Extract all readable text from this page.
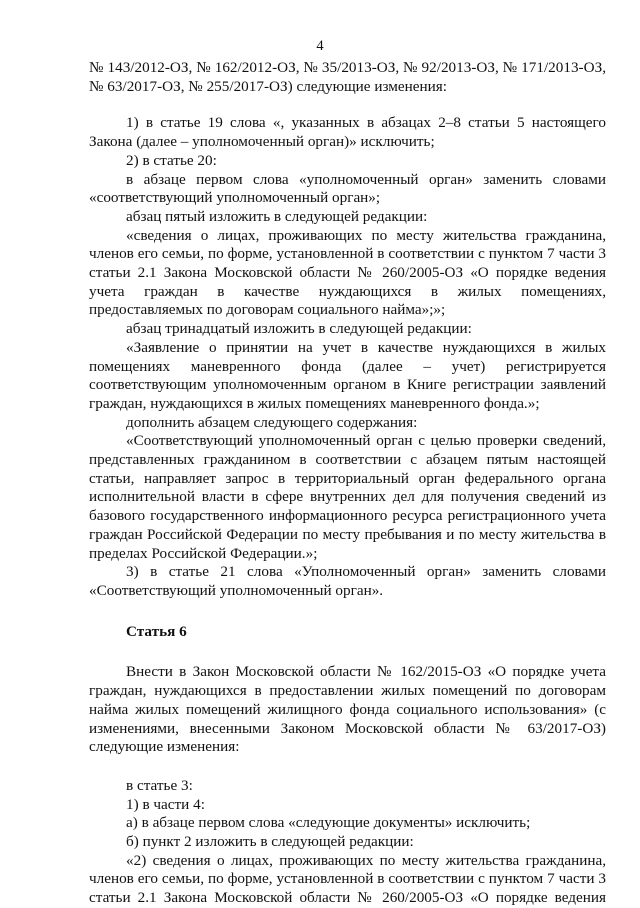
4

№ 143/2012-ОЗ, № 162/2012-ОЗ, № 35/2013-ОЗ, № 92/2013-ОЗ, № 171/2013-ОЗ, № 63/2017-ОЗ, № 255/2017-ОЗ) следующие изменения:

1) в статье 19 слова «, указанных в абзацах 2–8 статьи 5 настоящего Закона (далее – уполномоченный орган)» исключить;

2) в статье 20:

в абзаце первом слова «уполномоченный орган» заменить словами «соответствующий уполномоченный орган»;

абзац пятый изложить в следующей редакции:

«сведения о лицах, проживающих по месту жительства гражданина, членов его семьи, по форме, установленной в соответствии с пунктом 7 части 3 статьи 2.1 Закона Московской области № 260/2005-ОЗ «О порядке ведения учета граждан в качестве нуждающихся в жилых помещениях, предоставляемых по договорам социального найма»;»;

абзац тринадцатый изложить в следующей редакции:

«Заявление о принятии на учет в качестве нуждающихся в жилых помещениях маневренного фонда (далее – учет) регистрируется соответствующим уполномоченным органом в Книге регистрации заявлений граждан, нуждающихся в жилых помещениях маневренного фонда.»;

дополнить абзацем следующего содержания:

«Соответствующий уполномоченный орган с целью проверки сведений, представленных гражданином в соответствии с абзацем пятым настоящей статьи, направляет запрос в территориальный орган федерального органа исполнительной власти в сфере внутренних дел для получения сведений из базового государственного информационного ресурса регистрационного учета граждан Российской Федерации по месту пребывания и по месту жительства в пределах Российской Федерации.»;

3) в статье 21 слова «Уполномоченный орган» заменить словами «Соответствующий уполномоченный орган».

Статья 6

Внести в Закон Московской области № 162/2015-ОЗ «О порядке учета граждан, нуждающихся в предоставлении жилых помещений по договорам найма жилых помещений жилищного фонда социального использования» (с изменениями, внесенными Законом Московской области № 63/2017-ОЗ) следующие изменения:

в статье 3:

1) в части 4:

а) в абзаце первом слова «следующие документы» исключить;

б) пункт 2 изложить в следующей редакции:

«2) сведения о лицах, проживающих по месту жительства гражданина, членов его семьи, по форме, установленной в соответствии с пунктом 7 части 3 статьи 2.1 Закона Московской области № 260/2005-ОЗ «О порядке ведения
